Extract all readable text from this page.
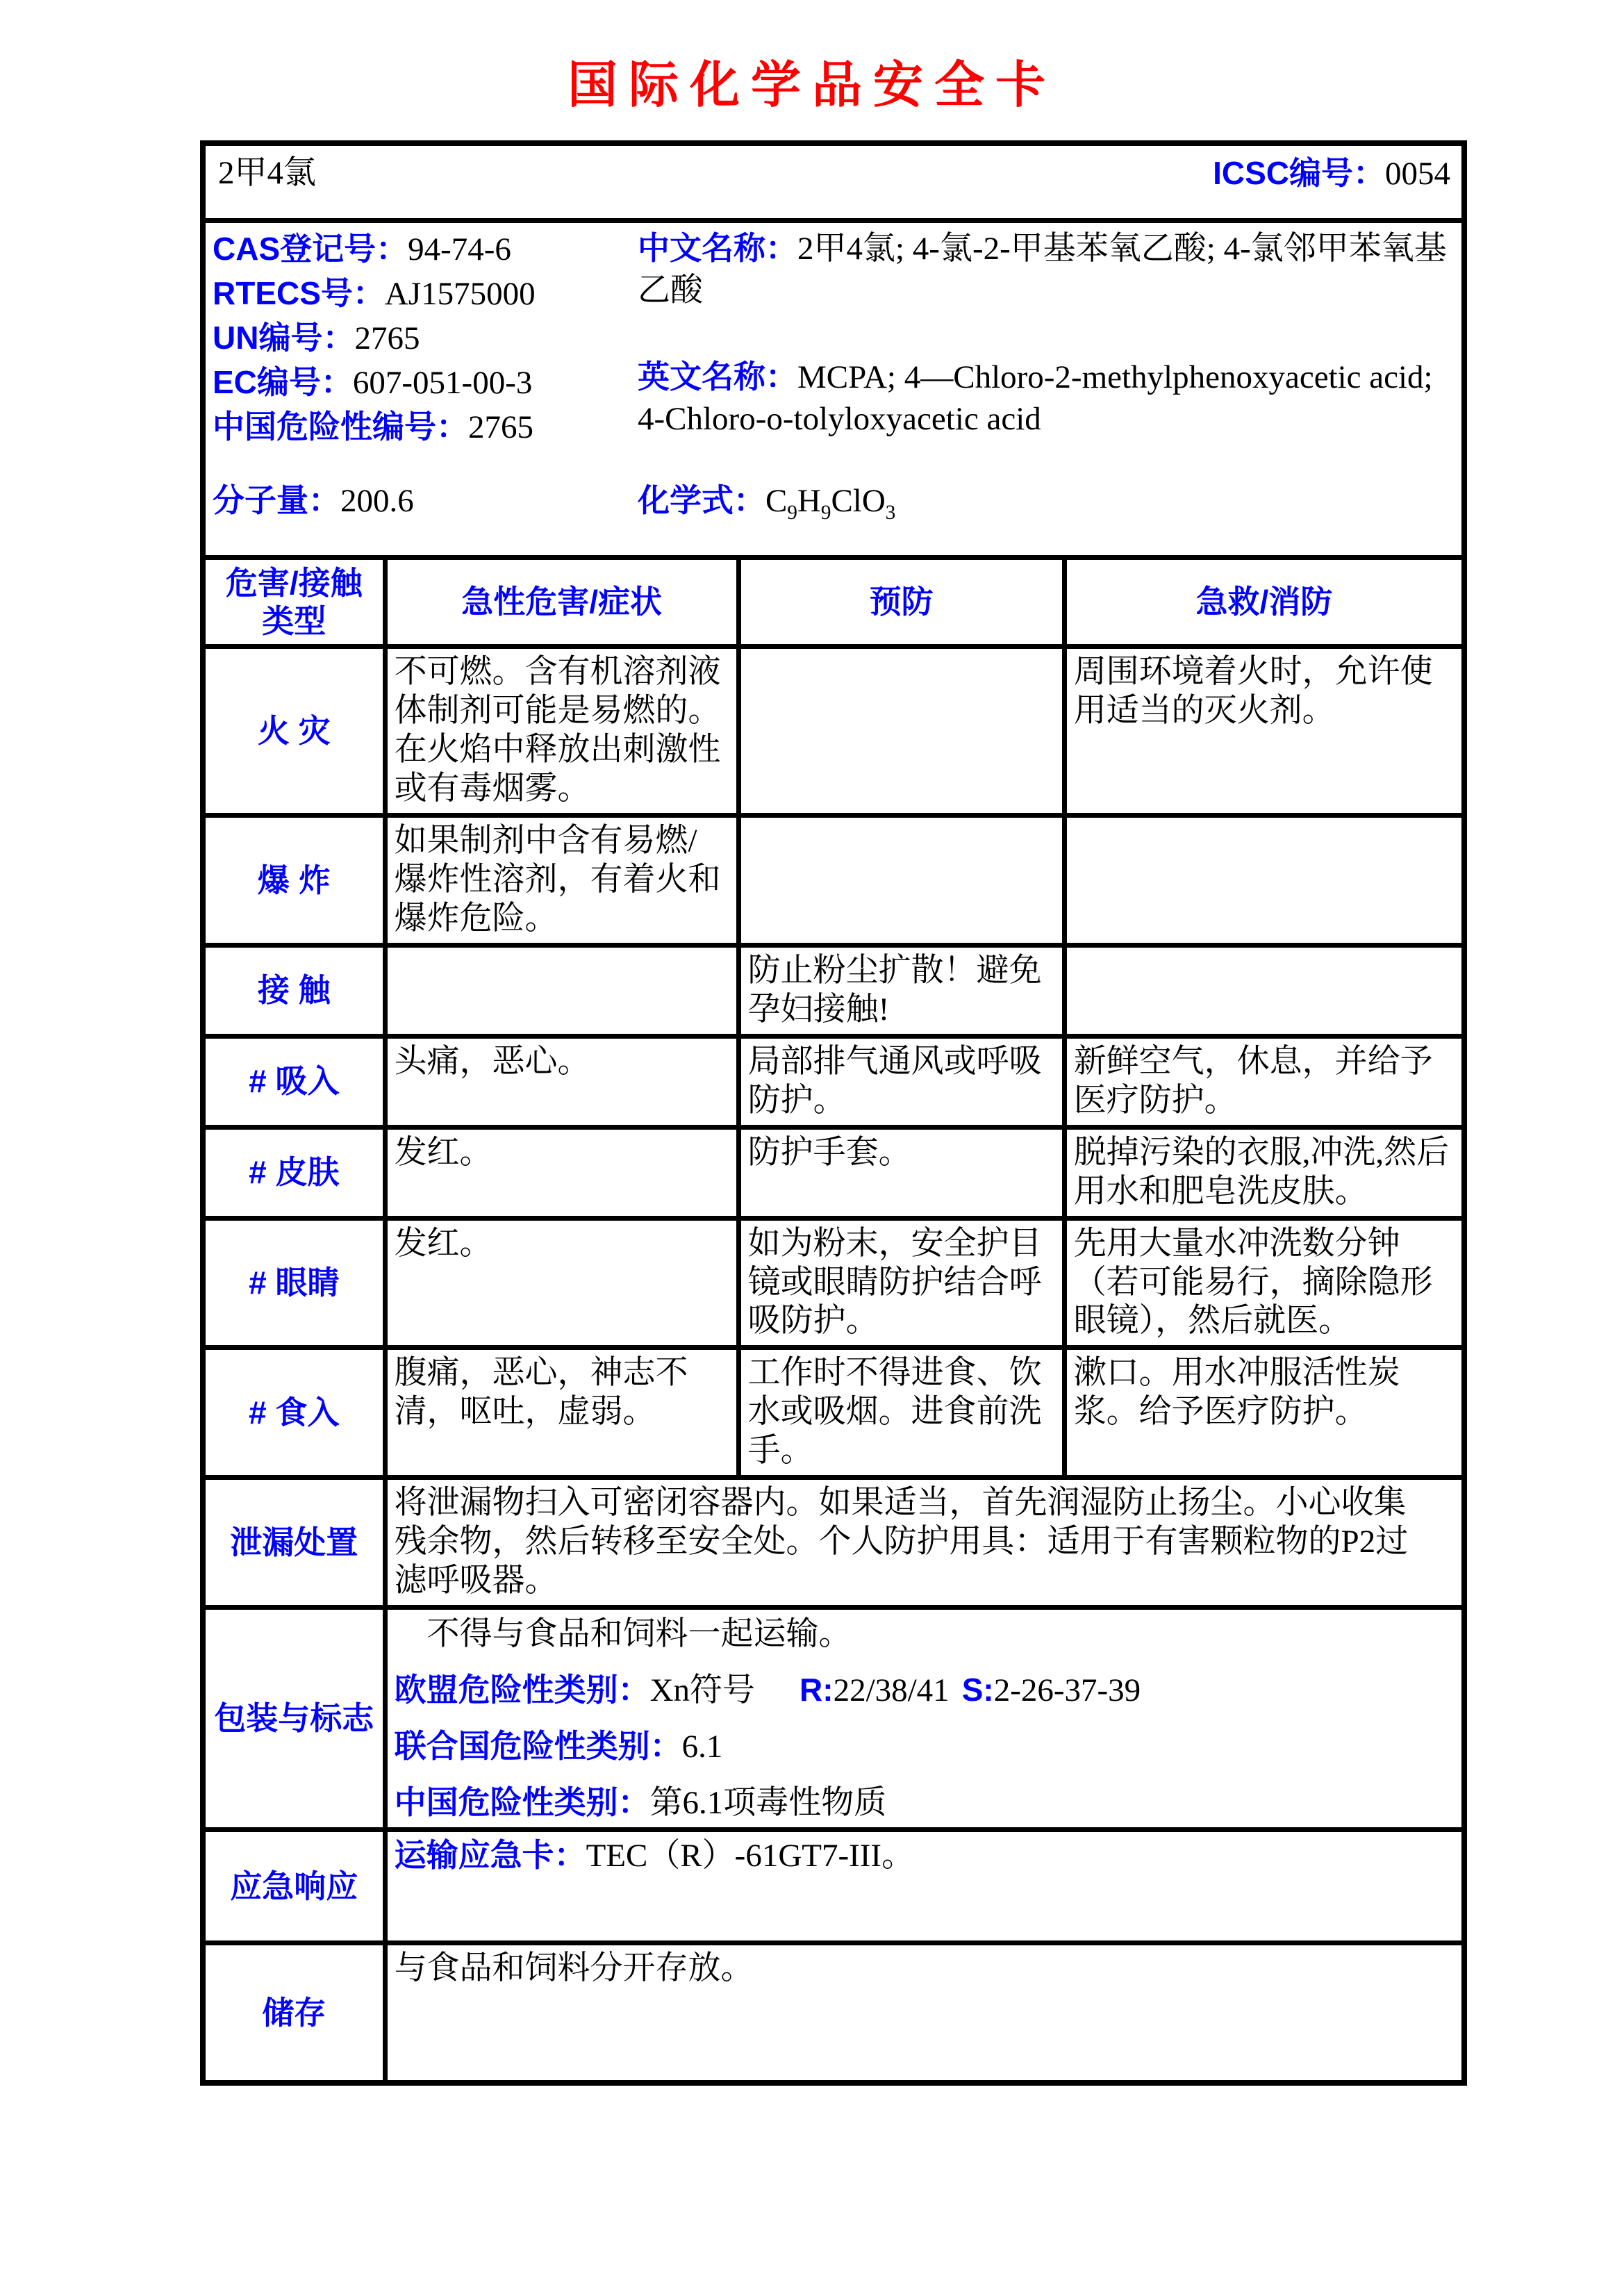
国际化学品安全卡
2甲4氯 ICSC编号：0054			

CAS登记号：94-74-6
RTECS号：AJ1575000
UN编号：2765
EC编号：607-051-00-3
中国危险性编号：2765
中文名称：2甲4氯; 4-氯-2-甲基苯氧乙酸; 4-氯邻甲苯氧基乙酸
英文名称：MCPA; 4—Chloro-2-methylphenoxyacetic acid; 4-Chloro-o-tolyloxyacetic acid
分子量：200.6	化学式：$C_9H_9ClO_3$

危害/接触类型	急性危害/症状	预防	急救/消防
火 灾	不可燃。含有机溶剂液体制剂可能是易燃的。在火焰中释放出刺激性或有毒烟雾。		周围环境着火时，允许使用适当的灭火剂。
爆 炸	如果制剂中含有易燃/爆炸性溶剂，有着火和爆炸危险。		
接 触		防止粉尘扩散！避免孕妇接触!	
# 吸入	头痛，恶心。	局部排气通风或呼吸防护。	新鲜空气，休息，并给予医疗防护。
# 皮肤	发红。	防护手套。	脱掉污染的衣服,冲洗,然后用水和肥皂洗皮肤。
# 眼睛	发红。	如为粉末，安全护目镜或眼睛防护结合呼吸防护。	先用大量水冲洗数分钟（若可能易行，摘除隐形眼镜），然后就医。
# 食入	腹痛，恶心，神志不清，呕吐，虚弱。	工作时不得进食、饮水或吸烟。进食前洗手。	漱口。用水冲服活性炭浆。给予医疗防护。
泄漏处置	将泄漏物扫入可密闭容器内。如果适当，首先润湿防止扬尘。小心收集残余物，然后转移至安全处。个人防护用具：适用于有害颗粒物的P2过滤呼吸器。		

包装与标志	　不得与食品和饲料一起运输。
欧盟危险性类别：Xn符号 R:22/38/41 S:2-26-37-39
联合国危险性类别：6.1
中国危险性类别：第6.1项毒性物质		

应急响应	运输应急卡：TEC（R）-61GT7-III。		
储存	与食品和饲料分开存放。		
